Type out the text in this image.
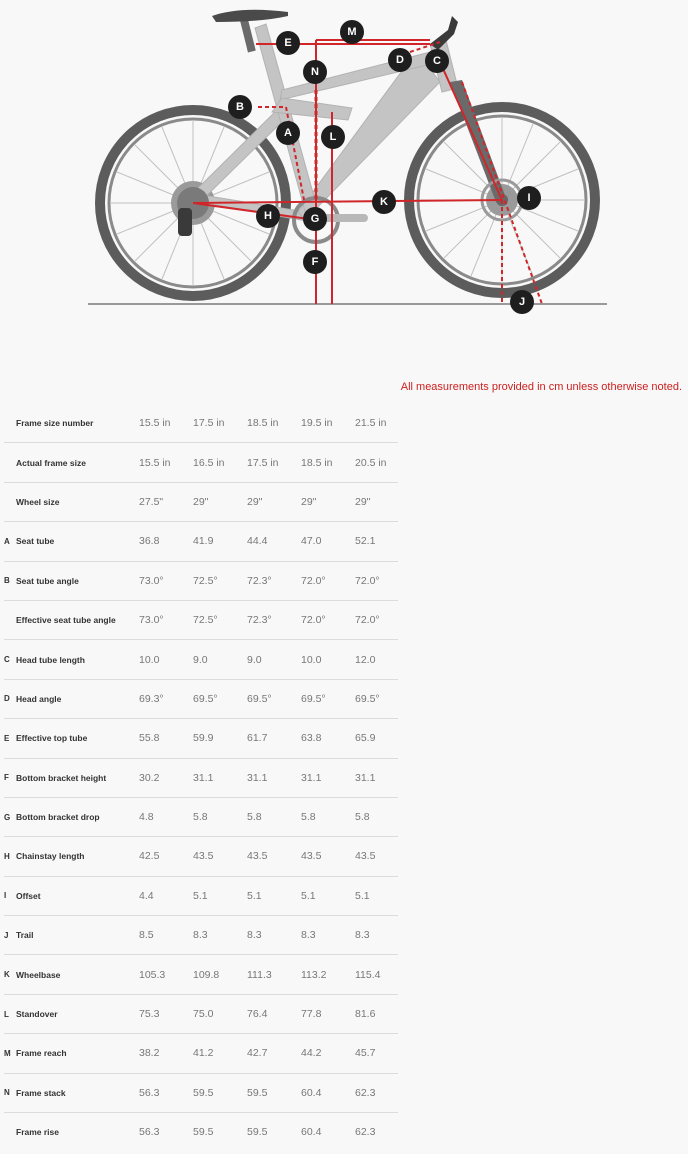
A
B
C
D
E
F
G
H
I
J
K
L
M
N
All measurements provided in cm unless otherwise noted.
	Frame size number	15.5 in	17.5 in	18.5 in	19.5 in	21.5 in
	Actual frame size	15.5 in	16.5 in	17.5 in	18.5 in	20.5 in
	Wheel size	27.5"	29"	29"	29"	29"
A	Seat tube	36.8	41.9	44.4	47.0	52.1
B	Seat tube angle	73.0°	72.5°	72.3°	72.0°	72.0°
	Effective seat tube angle	73.0°	72.5°	72.3°	72.0°	72.0°
C	Head tube length	10.0	9.0	9.0	10.0	12.0
D	Head angle	69.3°	69.5°	69.5°	69.5°	69.5°
E	Effective top tube	55.8	59.9	61.7	63.8	65.9
F	Bottom bracket height	30.2	31.1	31.1	31.1	31.1
G	Bottom bracket drop	4.8	5.8	5.8	5.8	5.8
H	Chainstay length	42.5	43.5	43.5	43.5	43.5
I	Offset	4.4	5.1	5.1	5.1	5.1
J	Trail	8.5	8.3	8.3	8.3	8.3
K	Wheelbase	105.3	109.8	111.3	113.2	115.4
L	Standover	75.3	75.0	76.4	77.8	81.6
M	Frame reach	38.2	41.2	42.7	44.2	45.7
N	Frame stack	56.3	59.5	59.5	60.4	62.3
	Frame rise	56.3	59.5	59.5	60.4	62.3
